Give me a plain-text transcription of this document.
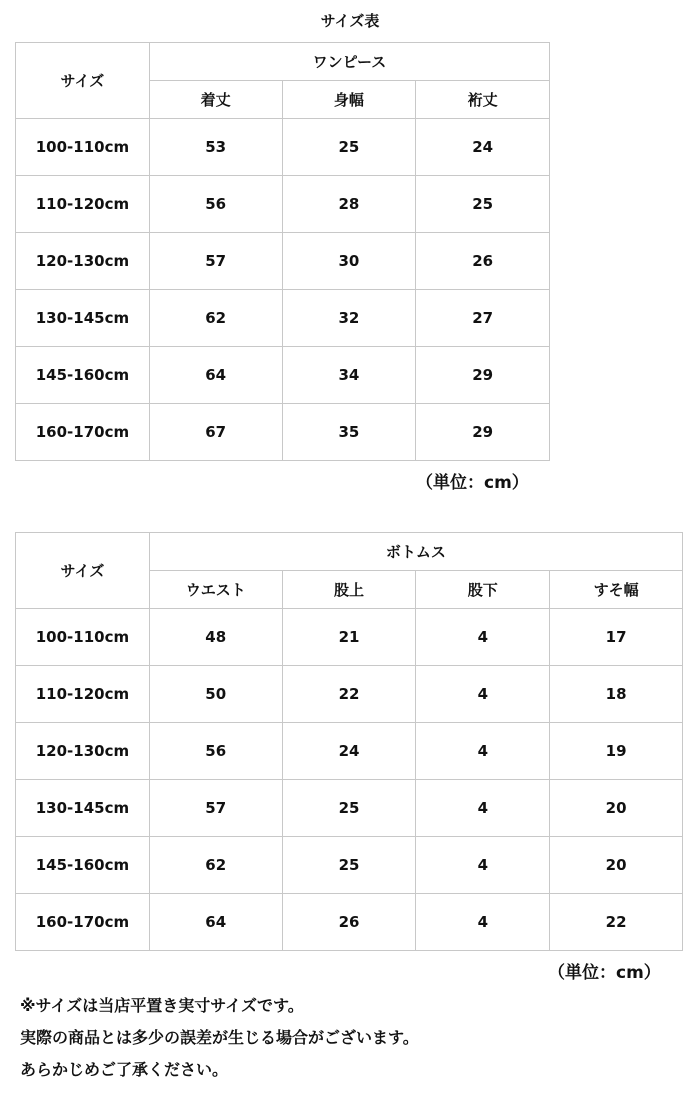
サイズ表
サイズ	ワンピース		
	着丈	身幅	裄丈
100-110cm	53	25	24
110-120cm	56	28	25
120-130cm	57	30	26
130-145cm	62	32	27
145-160cm	64	34	29
160-170cm	67	35	29
（単位：cm）
サイズ	ボトムス			
	ウエスト	股上	股下	すそ幅
100-110cm	48	21	4	17
110-120cm	50	22	4	18
120-130cm	56	24	4	19
130-145cm	57	25	4	20
145-160cm	62	25	4	20
160-170cm	64	26	4	22
（単位：cm）
※サイズは当店平置き実寸サイズです。
実際の商品とは多少の誤差が生じる場合がございます。
あらかじめご了承ください。
